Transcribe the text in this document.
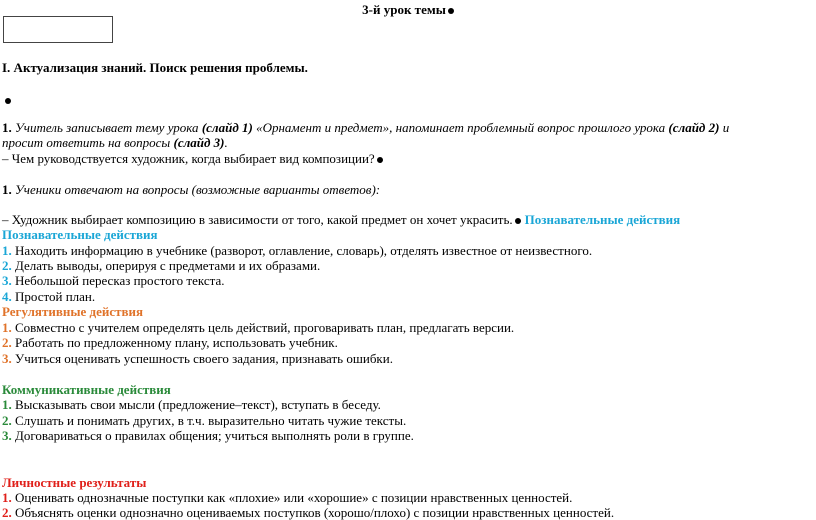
3-й урок темы
I. Актуализация знаний. Поиск решения проблемы.
1. Учитель записывает тему урока (слайд 1) «Орнамент и предмет», напоминает проблемный вопрос прошлого урока (слайд 2) и
просит ответить на вопросы (слайд 3).
– Чем руководствуется художник, когда выбирает вид композиции?
1. Ученики отвечают на вопросы (возможные варианты ответов):
– Художник выбирает композицию в зависимости от того, какой предмет он хочет украсить. Познавательные действия
Познавательные действия
1. Находить информацию в учебнике (разворот, оглавление, словарь), отделять известное от неизвестного.
2. Делать выводы, оперируя с предметами и их образами.
3. Небольшой пересказ простого текста.
4. Простой план.
Регулятивные действия
1. Совместно с учителем определять цель действий, проговаривать план, предлагать версии.
2. Работать по предложенному плану, использовать учебник.
3. Учиться оценивать успешность своего задания, признавать ошибки.
Коммуникативные действия
1. Высказывать свои мысли (предложение–текст), вступать в беседу.
2. Слушать и понимать других, в т.ч. выразительно читать чужие тексты.
3. Договариваться о правилах общения; учиться выполнять роли в группе.
Личностные результаты
1. Оценивать однозначные поступки как «плохие» или «хорошие» с позиции нравственных ценностей.
2. Объяснять оценки однозначно оцениваемых поступков (хорошо/плохо) с позиции нравственных ценностей.
